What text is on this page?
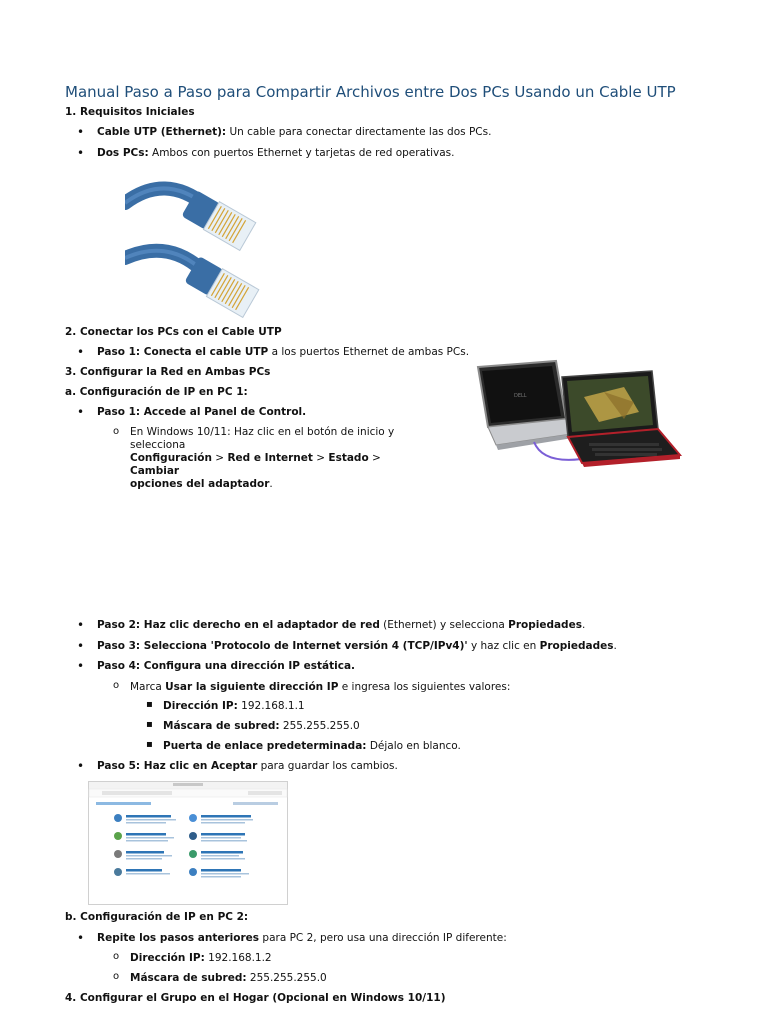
Manual Paso a Paso para Compartir Archivos entre Dos PCs Usando un Cable UTP

1. Requisitos Iniciales

• Cable UTP (Ethernet): Un cable para conectar directamente las dos PCs.
• Dos PCs: Ambos con puertos Ethernet y tarjetas de red operativas.

2. Conectar los PCs con el Cable UTP

• Paso 1: Conecta el cable UTP a los puertos Ethernet de ambas PCs.

3. Configurar la Red en Ambas PCs

a. Configuración de IP en PC 1:

• Paso 1: Accede al Panel de Control.
o En Windows 10/11: Haz clic en el botón de inicio y selecciona
Configuración > Red e Internet > Estado > Cambiar
opciones del adaptador.
DELL
• Paso 2: Haz clic derecho en el adaptador de red (Ethernet) y selecciona Propiedades.
• Paso 3: Selecciona 'Protocolo de Internet versión 4 (TCP/IPv4)' y haz clic en Propiedades.
• Paso 4: Configura una dirección IP estática.
o Marca Usar la siguiente dirección IP e ingresa los siguientes valores:
▪ Dirección IP: 192.168.1.1
▪ Máscara de subred: 255.255.255.0
▪ Puerta de enlace predeterminada: Déjalo en blanco.
• Paso 5: Haz clic en Aceptar para guardar los cambios.

b. Configuración de IP en PC 2:

• Repite los pasos anteriores para PC 2, pero usa una dirección IP diferente:
o Dirección IP: 192.168.1.2
o Máscara de subred: 255.255.255.0

4. Configurar el Grupo en el Hogar (Opcional en Windows 10/11)
